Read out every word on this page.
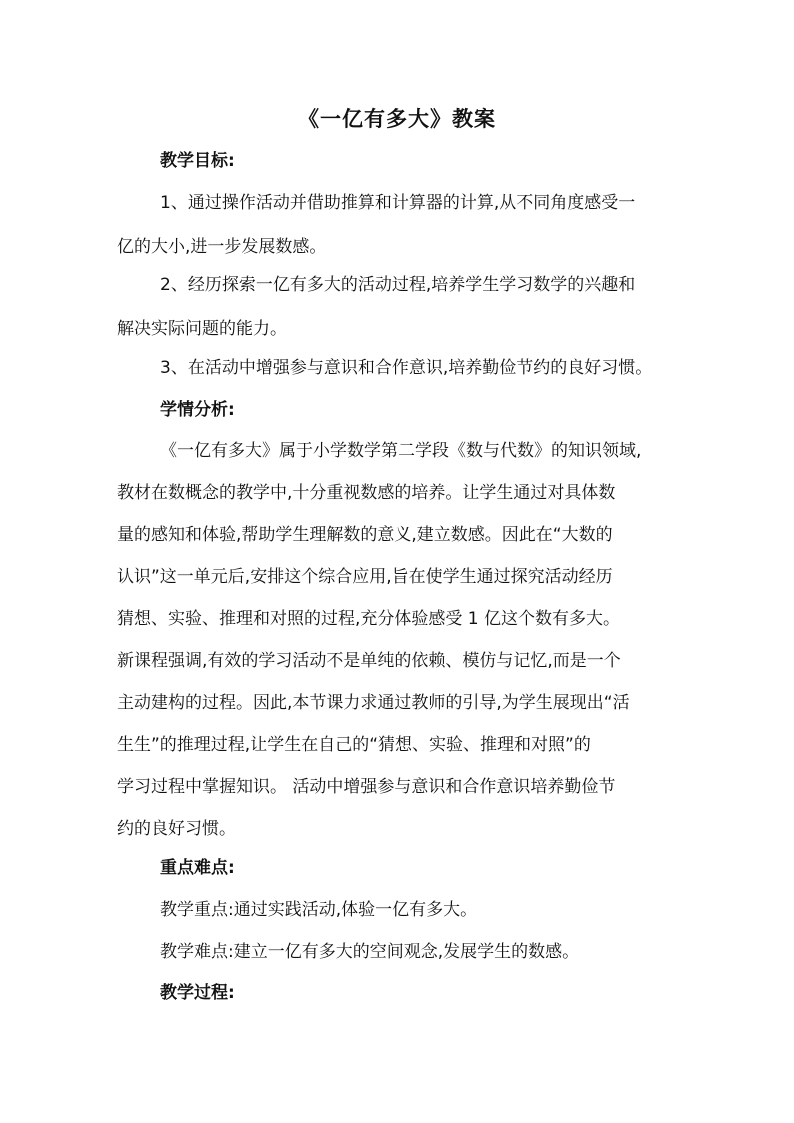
《一亿有多大》教案
教学目标:
1、通过操作活动并借助推算和计算器的计算,从不同角度感受一
亿的大小,进一步发展数感。
2、经历探索一亿有多大的活动过程,培养学生学习数学的兴趣和
解决实际问题的能力。
3、在活动中增强参与意识和合作意识,培养勤俭节约的良好习惯。
学情分析:
《一亿有多大》属于小学数学第二学段《数与代数》的知识领域,
教材在数概念的教学中,十分重视数感的培养。让学生通过对具体数
量的感知和体验,帮助学生理解数的意义,建立数感。因此在“大数的
认识”这一单元后,安排这个综合应用,旨在使学生通过探究活动经历
猜想、实验、推理和对照的过程,充分体验感受 1 亿这个数有多大。
新课程强调,有效的学习活动不是单纯的依赖、模仿与记忆,而是一个
主动建构的过程。因此,本节课力求通过教师的引导,为学生展现出“活
生生”的推理过程,让学生在自己的“猜想、实验、推理和对照”的
学习过程中掌握知识。 活动中增强参与意识和合作意识培养勤俭节
约的良好习惯。
重点难点:
教学重点:通过实践活动,体验一亿有多大。
教学难点:建立一亿有多大的空间观念,发展学生的数感。
教学过程:
